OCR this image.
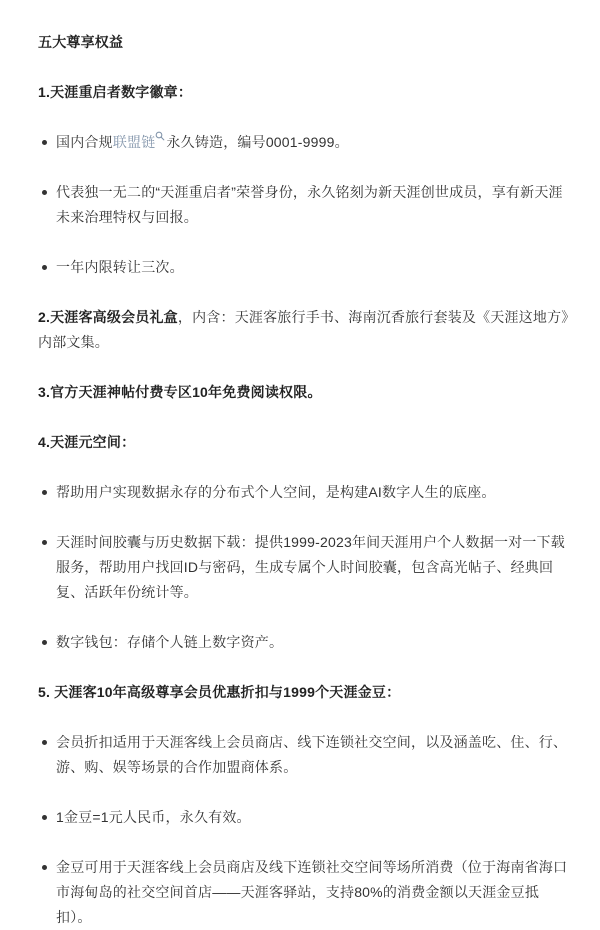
五大尊享权益

1.天涯重启者数字徽章：

国内合规联盟链 永久铸造，编号0001-9999。

代表独一无二的“天涯重启者”荣誉身份，永久铭刻为新天涯创世成员，享有新天涯未来治理特权与回报。

一年内限转让三次。

2.天涯客高级会员礼盒，内含：天涯客旅行手书、海南沉香旅行套装及《天涯这地方》内部文集。

3.官方天涯神帖付费专区10年免费阅读权限。

4.天涯元空间：

帮助用户实现数据永存的分布式个人空间，是构建AI数字人生的底座。

天涯时间胶囊与历史数据下载：提供1999-2023年间天涯用户个人数据一对一下载服务，帮助用户找回ID与密码，生成专属个人时间胶囊，包含高光帖子、经典回复、活跃年份统计等。

数字钱包：存储个人链上数字资产。

5. 天涯客10年高级尊享会员优惠折扣与1999个天涯金豆：

会员折扣适用于天涯客线上会员商店、线下连锁社交空间，以及涵盖吃、住、行、游、购、娱等场景的合作加盟商体系。

1金豆=1元人民币，永久有效。

金豆可用于天涯客线上会员商店及线下连锁社交空间等场所消费（位于海南省海口市海甸岛的社交空间首店——天涯客驿站，支持80%的消费金额以天涯金豆抵扣）。
